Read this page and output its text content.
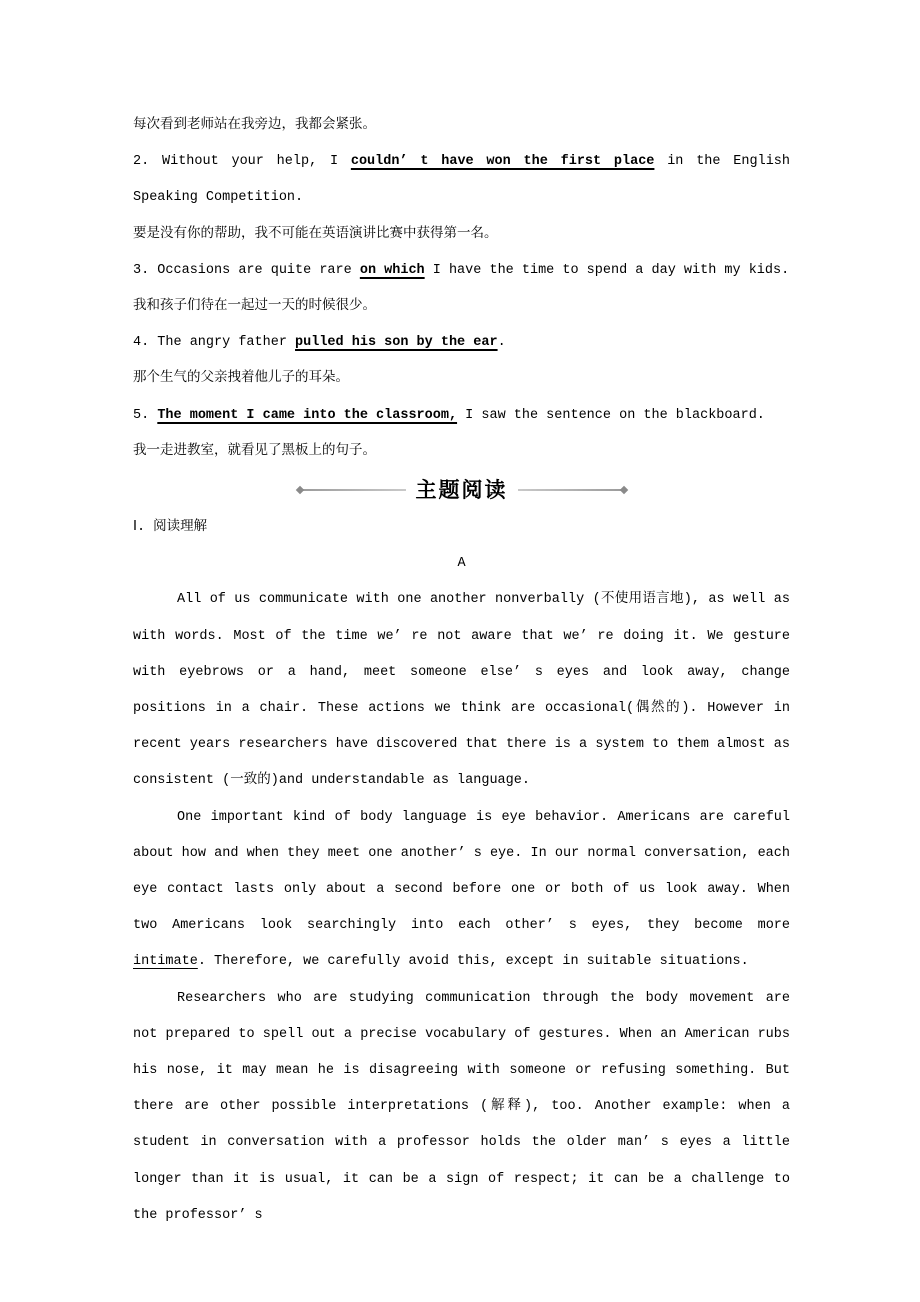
每次看到老师站在我旁边，我都会紧张。

2. Without your help, I couldn’ t have won the first place in the English Speaking Competition.

要是没有你的帮助，我不可能在英语演讲比赛中获得第一名。

3. Occasions are quite rare on which I have the time to spend a day with my kids.

我和孩子们待在一起过一天的时候很少。

4. The angry father pulled his son by the ear.

那个生气的父亲拽着他儿子的耳朵。

5. The moment I came into the classroom, I saw the sentence on the blackboard.

我一走进教室，就看见了黑板上的句子。

主题阅读

Ⅰ. 阅读理解

A

All of us communicate with one another nonverbally (不使用语言地), as well as with words. Most of the time we’ re not aware that we’ re doing it. We gesture with eyebrows or a hand, meet someone else’ s eyes and look away, change positions in a chair. These actions we think are occasional(偶然的). However in recent years researchers have discovered that there is a system to them almost as consistent (一致的)and understandable as language.

One important kind of body language is eye behavior. Americans are careful about how and when they meet one another’ s eye. In our normal conversation, each eye contact lasts only about a second before one or both of us look away. When two Americans look searchingly into each other’ s eyes, they become more intimate. Therefore, we carefully avoid this, except in suitable situations.

Researchers who are studying communication through the body movement are not prepared to spell out a precise vocabulary of gestures. When an American rubs his nose, it may mean he is disagreeing with someone or refusing something. But there are other possible interpretations (解释), too. Another example: when a student in conversation with a professor holds the older man’ s eyes a little longer than it is usual, it can be a sign of respect; it can be a challenge to the professor’ s
